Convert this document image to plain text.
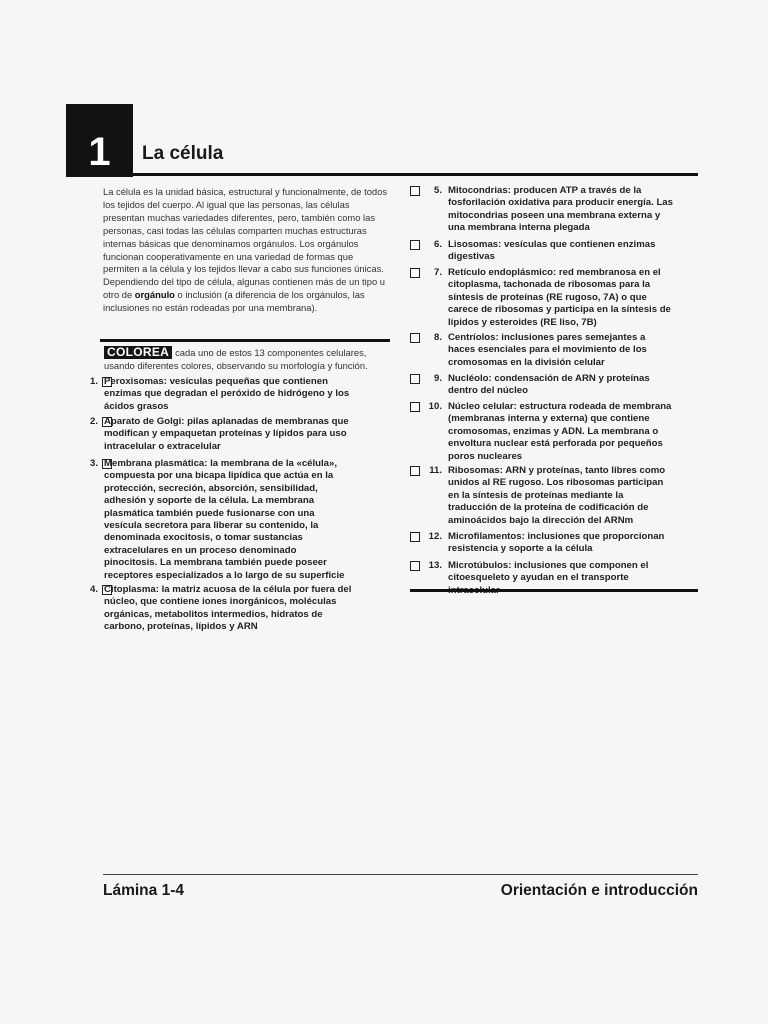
1 La célula

La célula es la unidad básica, estructural y funcionalmente, de todos los tejidos del cuerpo. Al igual que las personas, las células presentan muchas variedades diferentes, pero, también como las personas, casi todas las células comparten muchas estructuras internas básicas que denominamos orgánulos. Los orgánulos funcionan cooperativamente en una variedad de formas que permiten a la célula y los tejidos llevar a cabo sus funciones únicas. Dependiendo del tipo de célula, algunas contienen más de un tipo u otro de orgánulo o inclusión (a diferencia de los orgánulos, las inclusiones no están rodeadas por una membrana).

COLOREA cada uno de estos 13 componentes celulares, usando diferentes colores, observando su morfología y función.

1. Peroxisomas: vesículas pequeñas que contienen enzimas que degradan el peróxido de hidrógeno y los ácidos grasos

2. Aparato de Golgi: pilas aplanadas de membranas que modifican y empaquetan proteínas y lípidos para uso intracelular o extracelular

3. Membrana plasmática: la membrana de la «célula», compuesta por una bicapa lipídica que actúa en la protección, secreción, absorción, sensibilidad, adhesión y soporte de la célula. La membrana plasmática también puede fusionarse con una vesícula secretora para liberar su contenido, la denominada exocitosis, o tomar sustancias extracelulares en un proceso denominado pinocitosis. La membrana también puede poseer receptores especializados a lo largo de su superficie

4. Citoplasma: la matriz acuosa de la célula por fuera del núcleo, que contiene iones inorgánicos, moléculas orgánicas, metabolitos intermedios, hidratos de carbono, proteínas, lípidos y ARN

5. Mitocondrias: producen ATP a través de la fosforilación oxidativa para producir energía. Las mitocondrias poseen una membrana externa y una membrana interna plegada

6. Lisosomas: vesículas que contienen enzimas digestivas

7. Retículo endoplásmico: red membranosa en el citoplasma, tachonada de ribosomas para la síntesis de proteínas (RE rugoso, 7A) o que carece de ribosomas y participa en la síntesis de lípidos y esteroides (RE liso, 7B)

8. Centríolos: inclusiones pares semejantes a haces esenciales para el movimiento de los cromosomas en la división celular

9. Nucléolo: condensación de ARN y proteínas dentro del núcleo

10. Núcleo celular: estructura rodeada de membrana (membranas interna y externa) que contiene cromosomas, enzimas y ADN. La membrana o envoltura nuclear está perforada por pequeños poros nucleares

11. Ribosomas: ARN y proteínas, tanto libres como unidos al RE rugoso. Los ribosomas participan en la síntesis de proteínas mediante la traducción de la proteína de codificación de aminoácidos bajo la dirección del ARNm

12. Microfilamentos: inclusiones que proporcionan resistencia y soporte a la célula

13. Microtúbulos: inclusiones que componen el citoesqueleto y ayudan en el transporte

Lámina 1-4	Orientación e introducción
